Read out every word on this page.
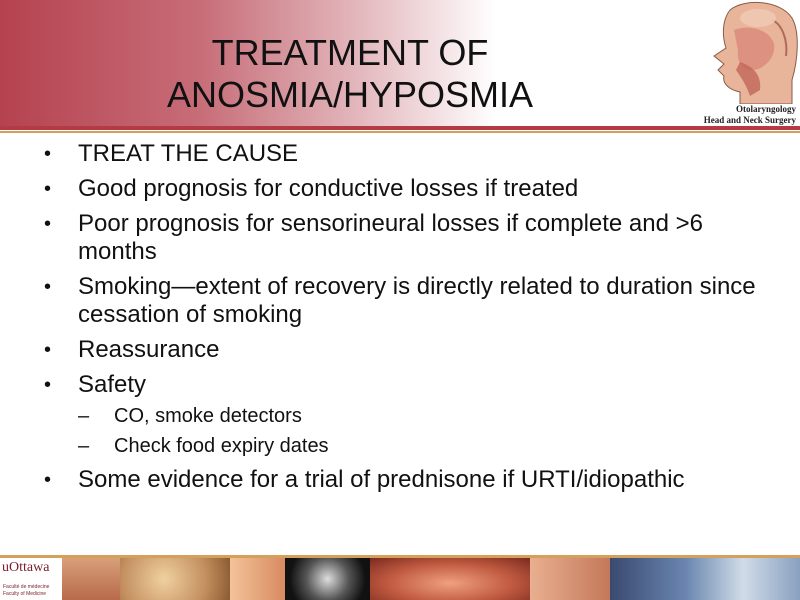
TREATMENT OF
ANOSMIA/HYPOSMIA	Otolaryngology
Head and Neck Surgery
• TREAT THE CAUSE
• Good prognosis for conductive losses if treated
• Poor prognosis for sensorineural losses if complete and >6 months
• Smoking—extent of recovery is directly related to duration since cessation of smoking
• Reassurance
• Safety
– CO, smoke detectors
– Check food expiry dates
• Some evidence for a trial of prednisone if URTI/idiopathic
uOttawa
Faculté de médecine
Faculty of Medicine
